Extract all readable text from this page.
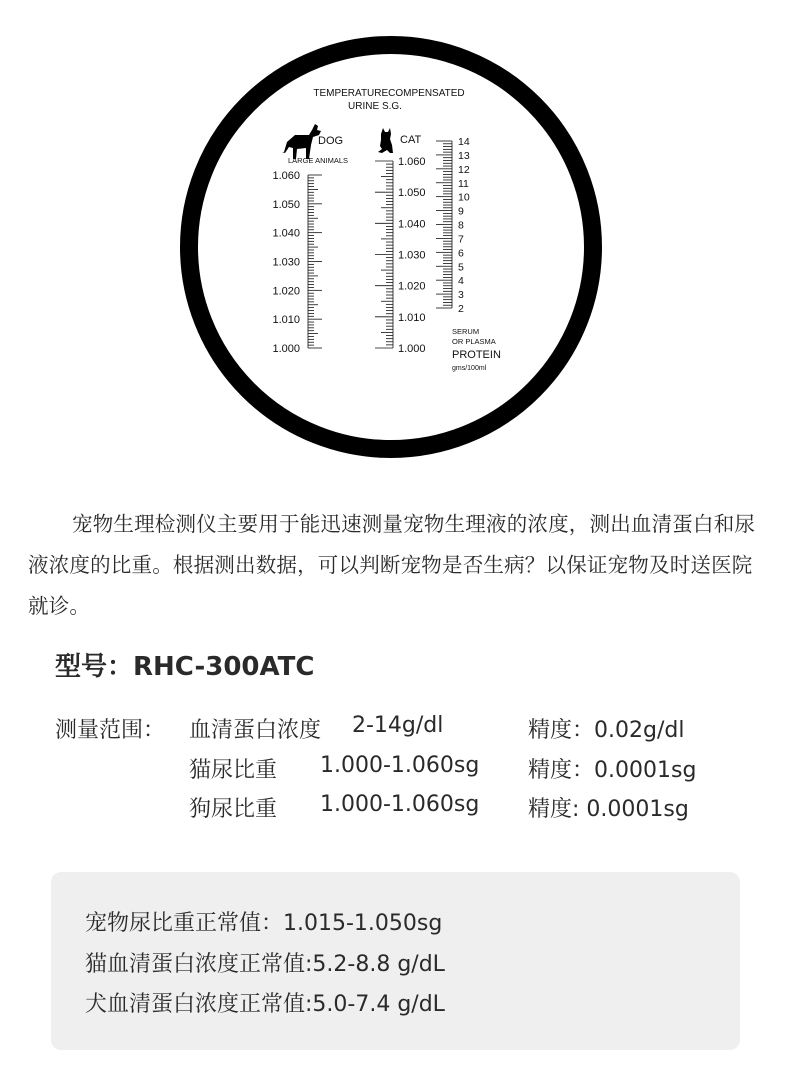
TEMPERATURECOMPENSATED
URINE S.G.
DOG
LARGE ANIMALS
CAT
1.060
1.050
1.040
1.030
1.020
1.010
1.000
1.060
1.050
1.040
1.030
1.020
1.010
1.000
14
13
12
11
10
9
8
7
6
5
4
3
2
SERUM
OR PLASMA
PROTEIN
gms/100ml

宠物生理检测仪主要用于能迅速测量宠物生理液的浓度，测出血清蛋白和尿液浓度的比重。根据测出数据，可以判断宠物是否生病？以保证宠物及时送医院就诊。

型号：RHC-300ATC
测量范围： 血清蛋白浓度 2-14g/dl	精度：0.02g/dl
猫尿比重 1.000-1.060sg 精度：0.0001sg
狗尿比重 1.000-1.060sg 精度: 0.0001sg
宠物尿比重正常值：1.015-1.050sg
猫血清蛋白浓度正常值:5.2-8.8 g/dL
犬血清蛋白浓度正常值:5.0-7.4 g/dL
